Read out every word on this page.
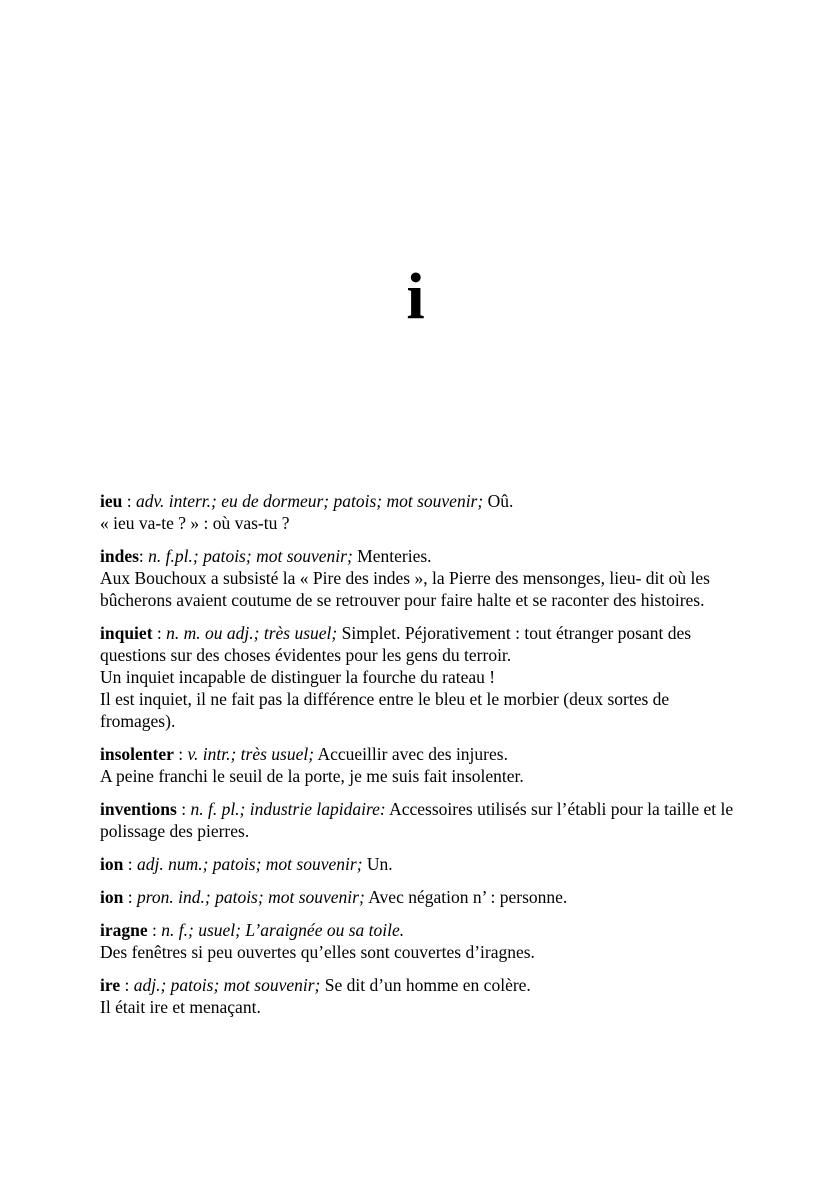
i

ieu : adv. interr.; eu de dormeur; patois; mot souvenir; Oû.

« ieu va-te ? » : où vas-tu ?

indes: n. f.pl.; patois; mot souvenir; Menteries.

Aux Bouchoux a subsisté la « Pire des indes », la Pierre des mensonges, lieu- dit où les bûcherons avaient coutume de se retrouver pour faire halte et se raconter des histoires.

inquiet : n. m. ou adj.; très usuel; Simplet. Péjorativement : tout étranger posant des questions sur des choses évidentes pour les gens du terroir.

Un inquiet incapable de distinguer la fourche du rateau !

Il est inquiet, il ne fait pas la différence entre le bleu et le morbier (deux sortes de fromages).

insolenter : v. intr.; très usuel; Accueillir avec des injures.

A peine franchi le seuil de la porte, je me suis fait insolenter.

inventions : n. f. pl.; industrie lapidaire: Accessoires utilisés sur l’établi pour la taille et le polissage des pierres.

ion : adj. num.; patois; mot souvenir; Un.

ion : pron. ind.; patois; mot souvenir; Avec négation n’ : personne.

iragne : n. f.; usuel; L’araignée ou sa toile.

Des fenêtres si peu ouvertes qu’elles sont couvertes d’iragnes.

ire : adj.; patois; mot souvenir; Se dit d’un homme en colère.

Il était ire et menaçant.
